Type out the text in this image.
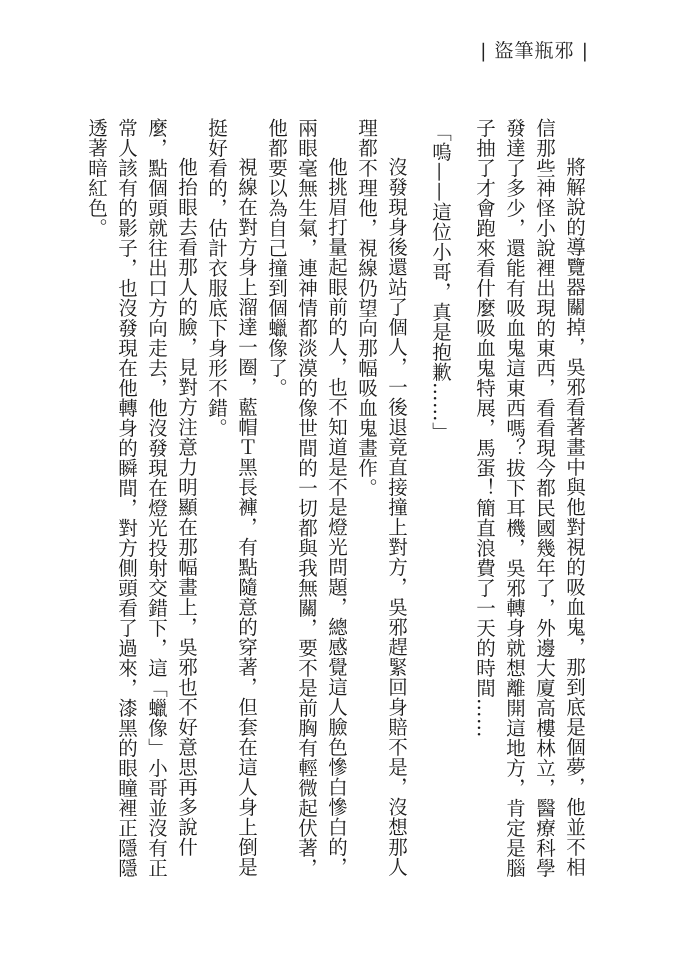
| 盜筆瓶邪 |

將解說的導覽器關掉，吳邪看著畫中與他對視的吸血鬼，那到底是個夢，他並不相信那些神怪小說裡出現的東西，看看現今都民國幾年了，外邊大廈高樓林立，醫療科學發達了多少，還能有吸血鬼這東西嗎？拔下耳機，吳邪轉身就想離開這地方，肯定是腦子抽了才會跑來看什麼吸血鬼特展，馬蛋！簡直浪費了一天的時間……

「嗚——這位小哥，真是抱歉……」

沒發現身後還站了個人，一後退竟直接撞上對方，吳邪趕緊回身賠不是，沒想那人理都不理他，視線仍望向那幅吸血鬼畫作。

他挑眉打量起眼前的人，也不知道是不是燈光問題，總感覺這人臉色慘白慘白的，兩眼毫無生氣，連神情都淡漠的像世間的一切都與我無關，要不是前胸有輕微起伏著，他都要以為自己撞到個蠟像了。

視線在對方身上溜達一圈，藍帽Ｔ黑長褲，有點隨意的穿著，但套在這人身上倒是挺好看的，估計衣服底下身形不錯。

他抬眼去看那人的臉，見對方注意力明顯在那幅畫上，吳邪也不好意思再多說什麼，點個頭就往出口方向走去，他沒發現在燈光投射交錯下，這「蠟像」小哥並沒有正常人該有的影子，也沒發現在他轉身的瞬間，對方側頭看了過來，漆黑的眼瞳裡正隱隱透著暗紅色。
